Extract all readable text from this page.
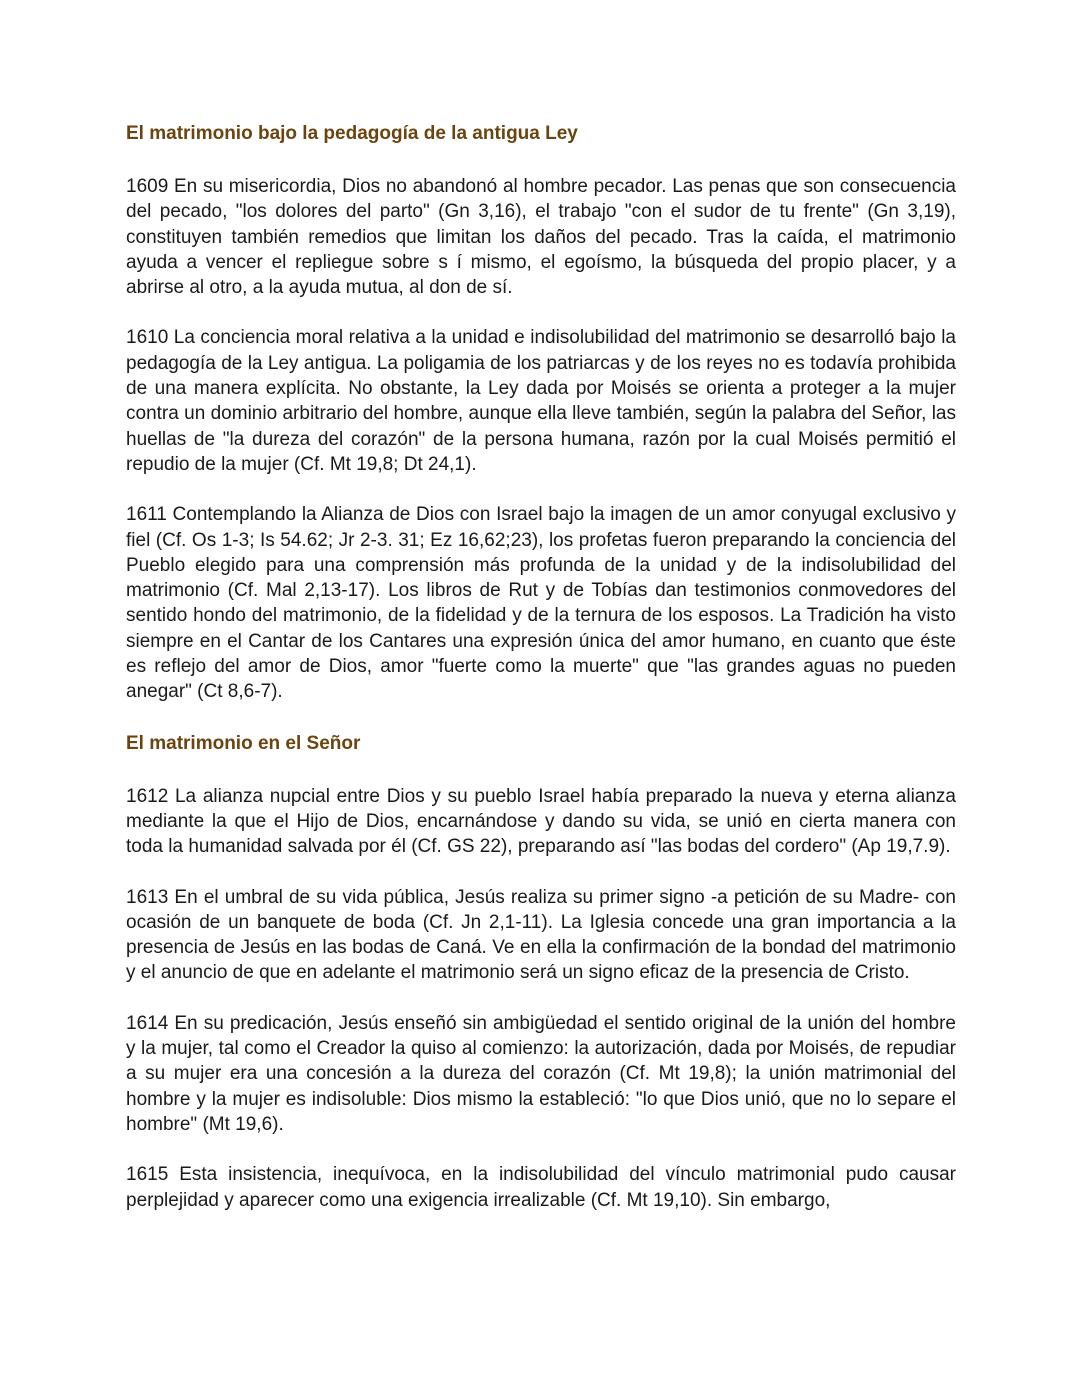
El matrimonio bajo la pedagogía de la antigua Ley

1609 En su misericordia, Dios no abandonó al hombre pecador. Las penas que son consecuencia del pecado, "los dolores del parto" (Gn 3,16), el trabajo "con el sudor de tu frente" (Gn 3,19), constituyen también remedios que limitan los daños del pecado. Tras la caída, el matrimonio ayuda a vencer el repliegue sobre s í mismo, el egoísmo, la búsqueda del propio placer, y a abrirse al otro, a la ayuda mutua, al don de sí.

1610 La conciencia moral relativa a la unidad e indisolubilidad del matrimonio se desarrolló bajo la pedagogía de la Ley antigua. La poligamia de los patriarcas y de los reyes no es todavía prohibida de una manera explícita. No obstante, la Ley dada por Moisés se orienta a proteger a la mujer contra un dominio arbitrario del hombre, aunque ella lleve también, según la palabra del Señor, las huellas de "la dureza del corazón" de la persona humana, razón por la cual Moisés permitió el repudio de la mujer (Cf. Mt 19,8; Dt 24,1).

1611 Contemplando la Alianza de Dios con Israel bajo la imagen de un amor conyugal exclusivo y fiel (Cf. Os 1-3; Is 54.62; Jr 2-3. 31; Ez 16,62;23), los profetas fueron preparando la conciencia del Pueblo elegido para una comprensión más profunda de la unidad y de la indisolubilidad del matrimonio (Cf. Mal 2,13-17). Los libros de Rut y de Tobías dan testimonios conmovedores del sentido hondo del matrimonio, de la fidelidad y de la ternura de los esposos. La Tradición ha visto siempre en el Cantar de los Cantares una expresión única del amor humano, en cuanto que éste es reflejo del amor de Dios, amor "fuerte como la muerte" que "las grandes aguas no pueden anegar" (Ct 8,6-7).

El matrimonio en el Señor

1612 La alianza nupcial entre Dios y su pueblo Israel había preparado la nueva y eterna alianza mediante la que el Hijo de Dios, encarnándose y dando su vida, se unió en cierta manera con toda la humanidad salvada por él (Cf. GS 22), preparando así "las bodas del cordero" (Ap 19,7.9).

1613 En el umbral de su vida pública, Jesús realiza su primer signo -a petición de su Madre- con ocasión de un banquete de boda (Cf. Jn 2,1-11). La Iglesia concede una gran importancia a la presencia de Jesús en las bodas de Caná. Ve en ella la confirmación de la bondad del matrimonio y el anuncio de que en adelante el matrimonio será un signo eficaz de la presencia de Cristo.

1614 En su predicación, Jesús enseñó sin ambigüedad el sentido original de la unión del hombre y la mujer, tal como el Creador la quiso al comienzo: la autorización, dada por Moisés, de repudiar a su mujer era una concesión a la dureza del corazón (Cf. Mt 19,8); la unión matrimonial del hombre y la mujer es indisoluble: Dios mismo la estableció: "lo que Dios unió, que no lo separe el hombre" (Mt 19,6).

1615 Esta insistencia, inequívoca, en la indisolubilidad del vínculo matrimonial pudo causar perplejidad y aparecer como una exigencia irrealizable (Cf. Mt 19,10). Sin embargo,
